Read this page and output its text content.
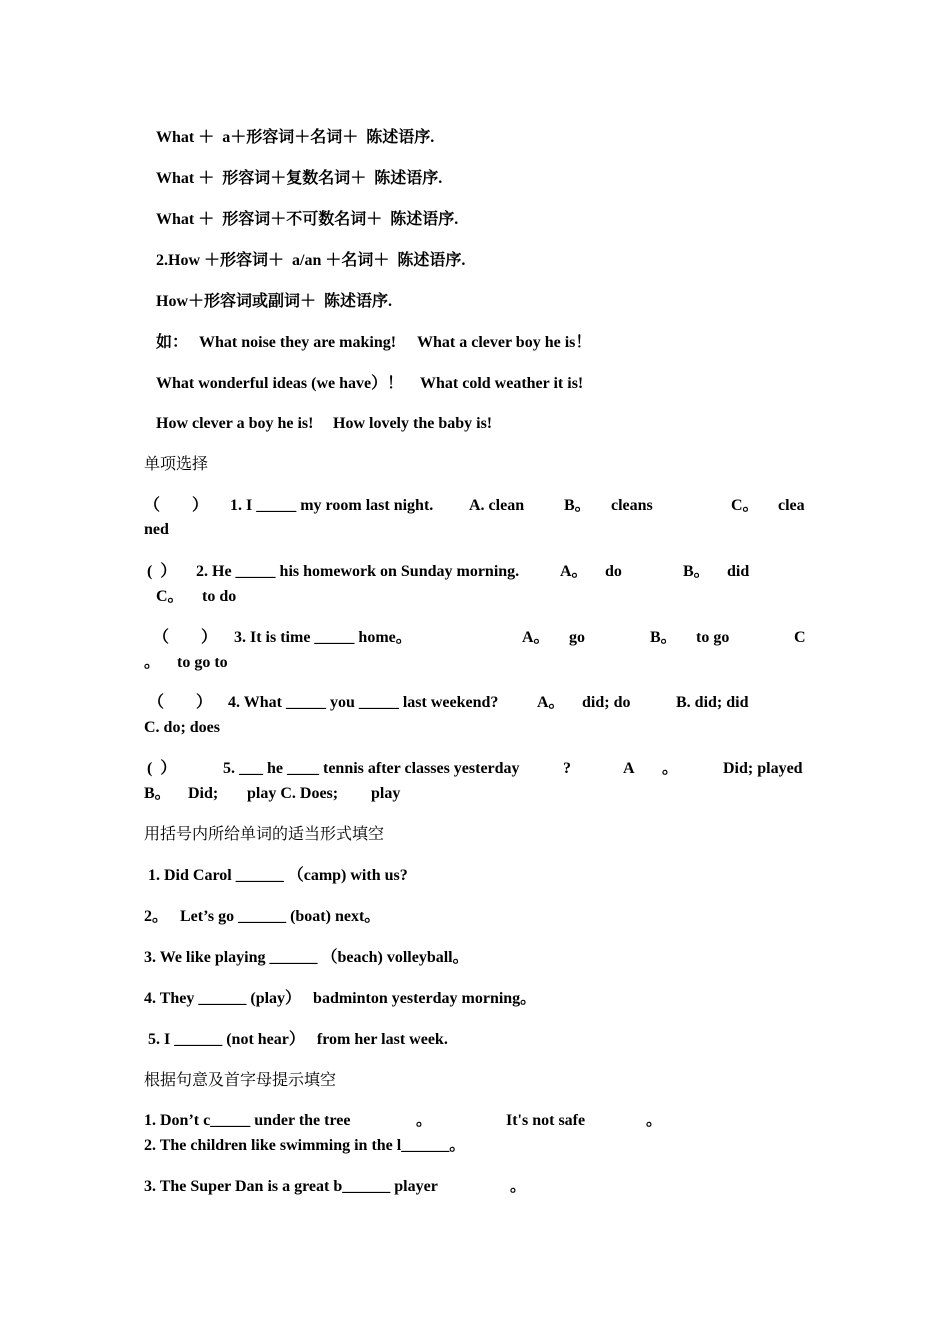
What ＋  a＋形容词＋名词＋  陈述语序.
What ＋  形容词＋复数名词＋  陈述语序.
What ＋  形容词＋不可数名词＋  陈述语序.
2.How ＋形容词＋  a/an ＋名词＋  陈述语序.
How＋形容词或副词＋  陈述语序.
如： What noise they are making! What a clever boy he is！
What wonderful ideas (we have）！ What cold weather it is!
How clever a boy he is! How lovely the baby is!
单项选择
（        ） 1. I _____ my room last night. A. clean B。 cleans	C。 clea
ned
(  ） 2. He _____ his homework on Sunday morning.	A。 do	B。 did
C。 to do
（        ） 3. It is time _____ home。	A。 go	B。 to go	C
。 to go to
（        ） 4. What _____ you _____ last weekend? A。 did; do	B. did; did
C. do; does
(  ）	5. ___ he ____ tennis after classes yesterday	?	A 。	Did; played
B。 Did; play C. Does; play
用括号内所给单词的适当形式填空
1. Did Carol ______ （camp) with us?
2。   Let’s go ______ (boat) next。
3. We like playing ______ （beach) volleyball。
4. They ______ (play）   badminton yesterday morning。
5. I ______ (not hear）   from her last week.
根据句意及首字母提示填空
1. Don’t c_____ under the tree	。	It's not safe	。
2. The children like swimming in the l______。
3. The Super Dan is a great b______ player	。
